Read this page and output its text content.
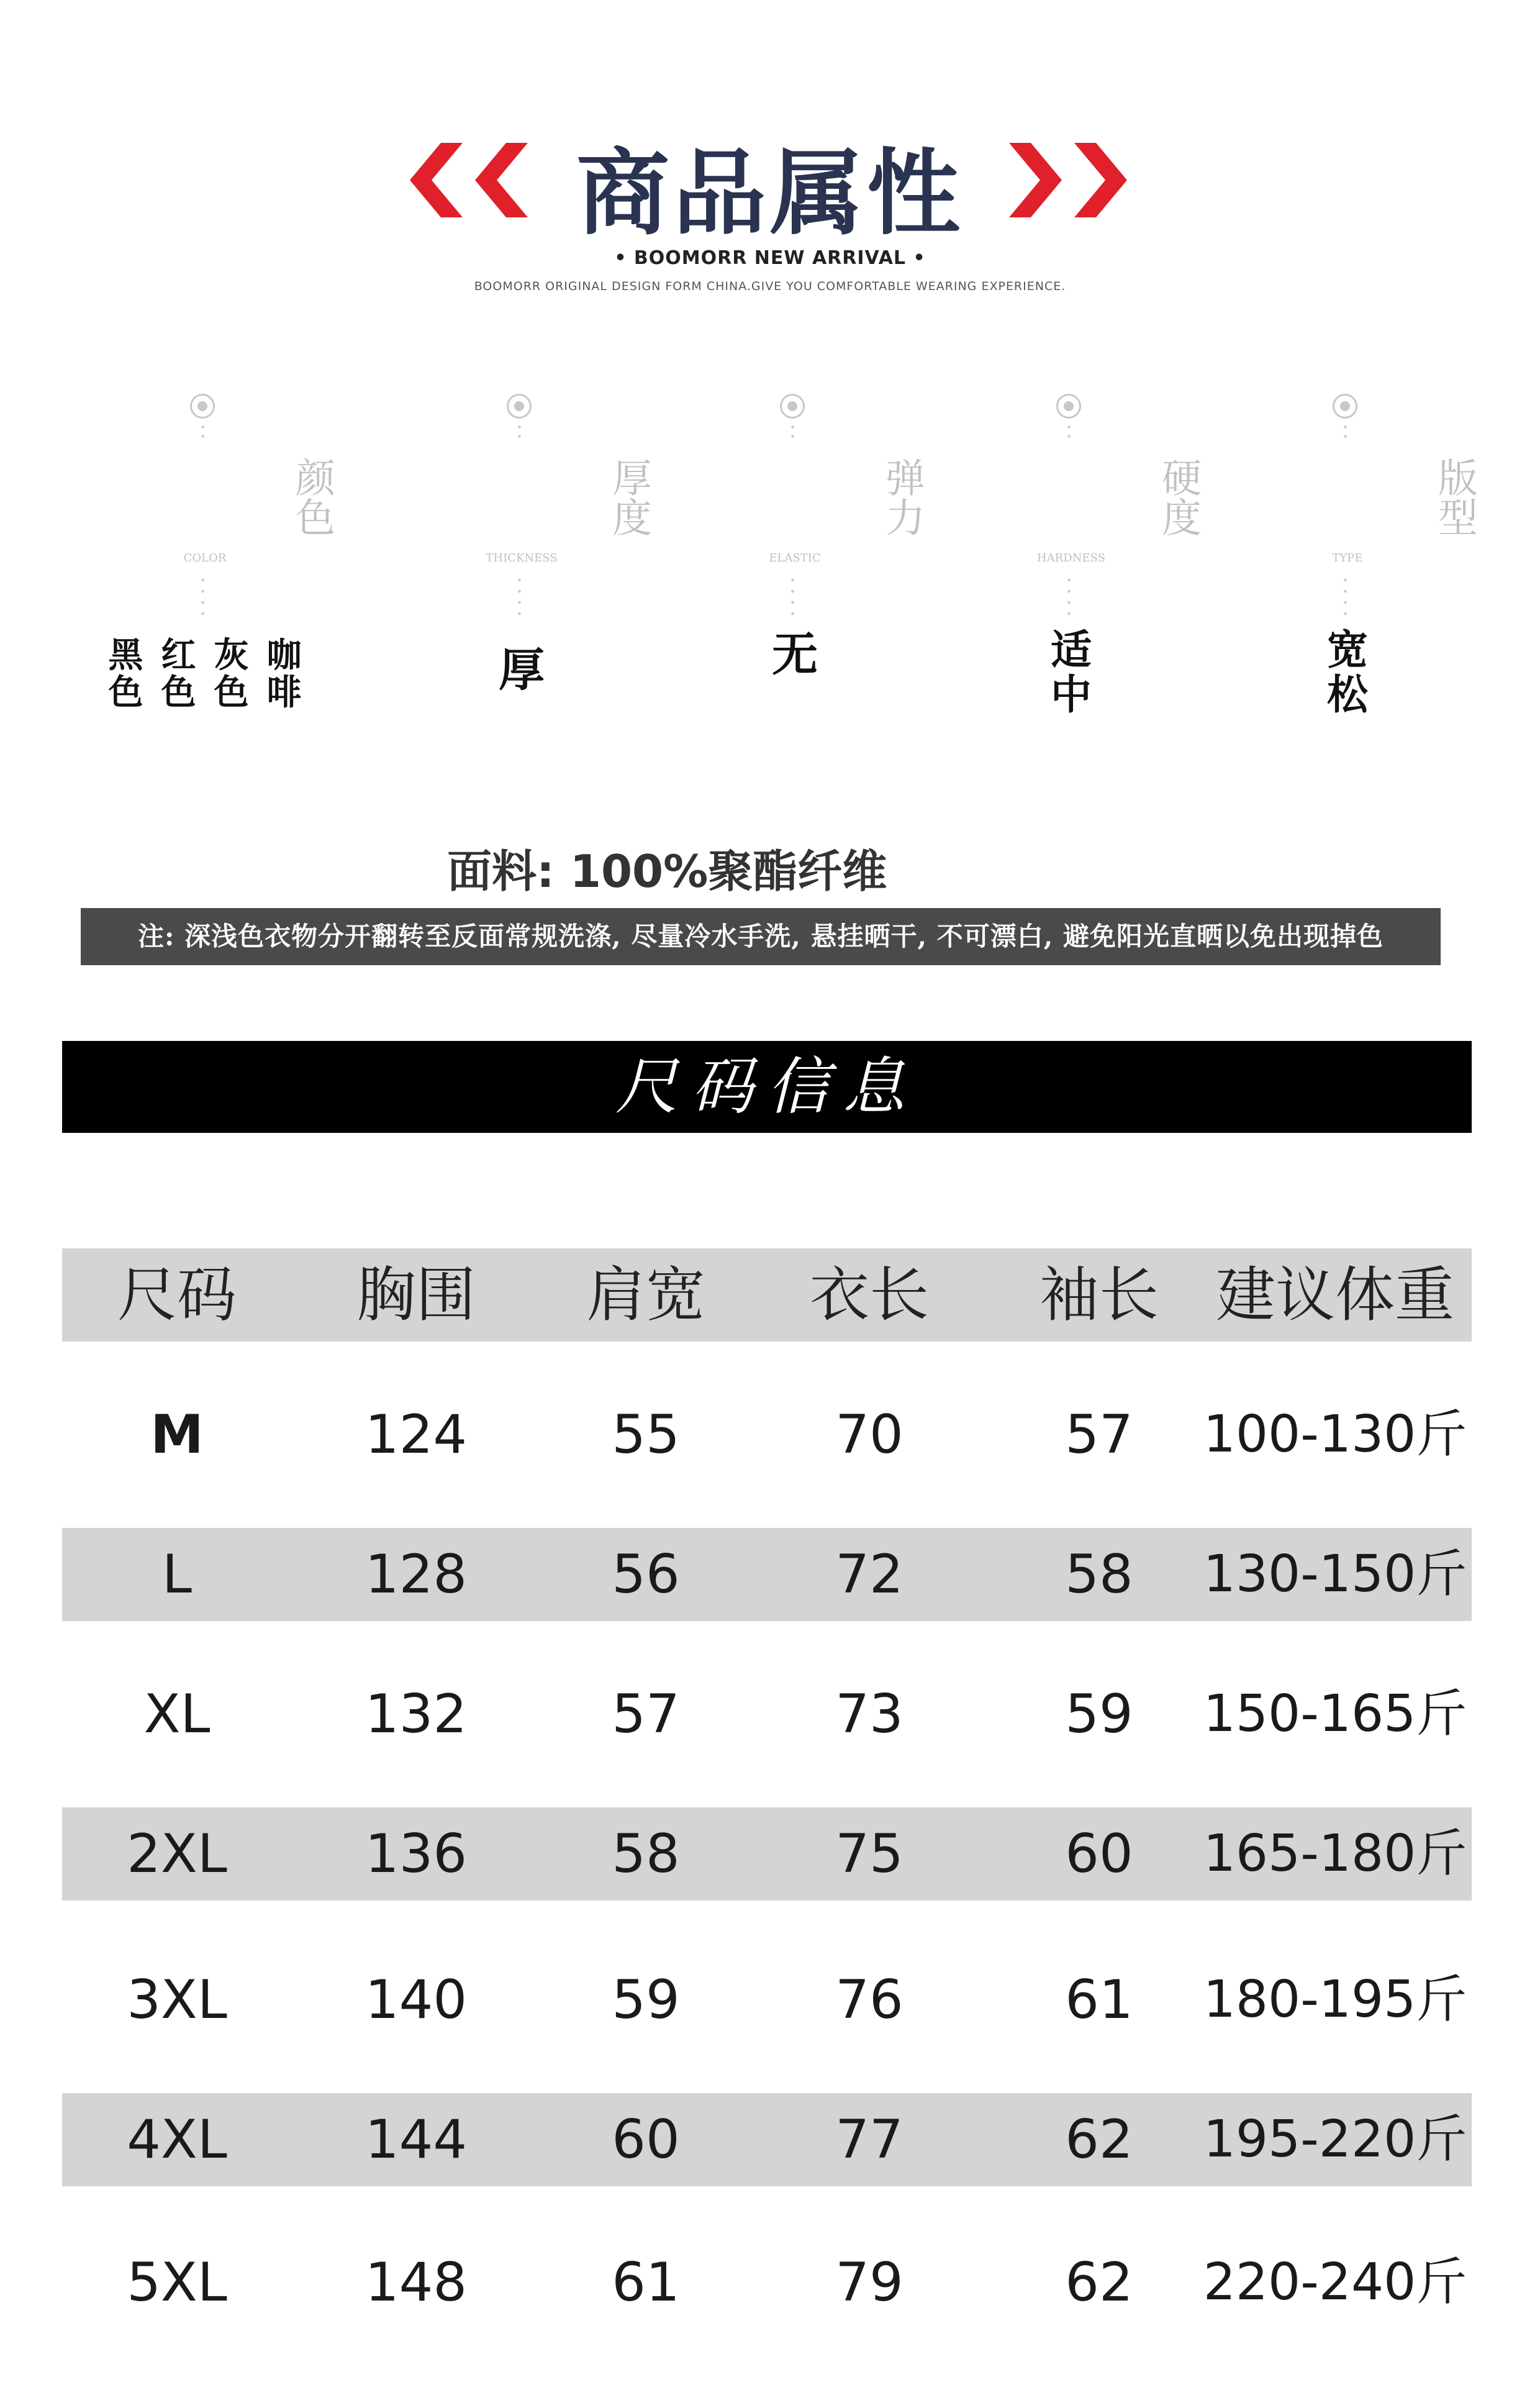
商品属性
• BOOMORR NEW ARRIVAL •
BOOMORR ORIGINAL DESIGN FORM CHINA.GIVE YOU COMFORTABLE WEARING EXPERIENCE.
颜色
COLOR
黑色
红色
灰色
咖啡
厚度
THICKNESS
厚
弹力
ELASTIC
无
硬度
HARDNESS
适中
版型
TYPE
宽松
面料: 100%聚酯纤维
注: 深浅色衣物分开翻转至反面常规洗涤, 尽量冷水手洗, 悬挂晒干, 不可漂白, 避免阳光直晒以免出现掉色
尺码信息
尺码	胸围	肩宽	衣长	袖长 建议体重
M	124	55	70	57	100-130斤
L	128	56	72	58	130-150斤
XL	132	57	73	59	150-165斤
2XL	136	58	75	60	165-180斤
3XL	140	59	76	61	180-195斤
4XL	144	60	77	62	195-220斤
5XL	148	61	79	62	220-240斤
